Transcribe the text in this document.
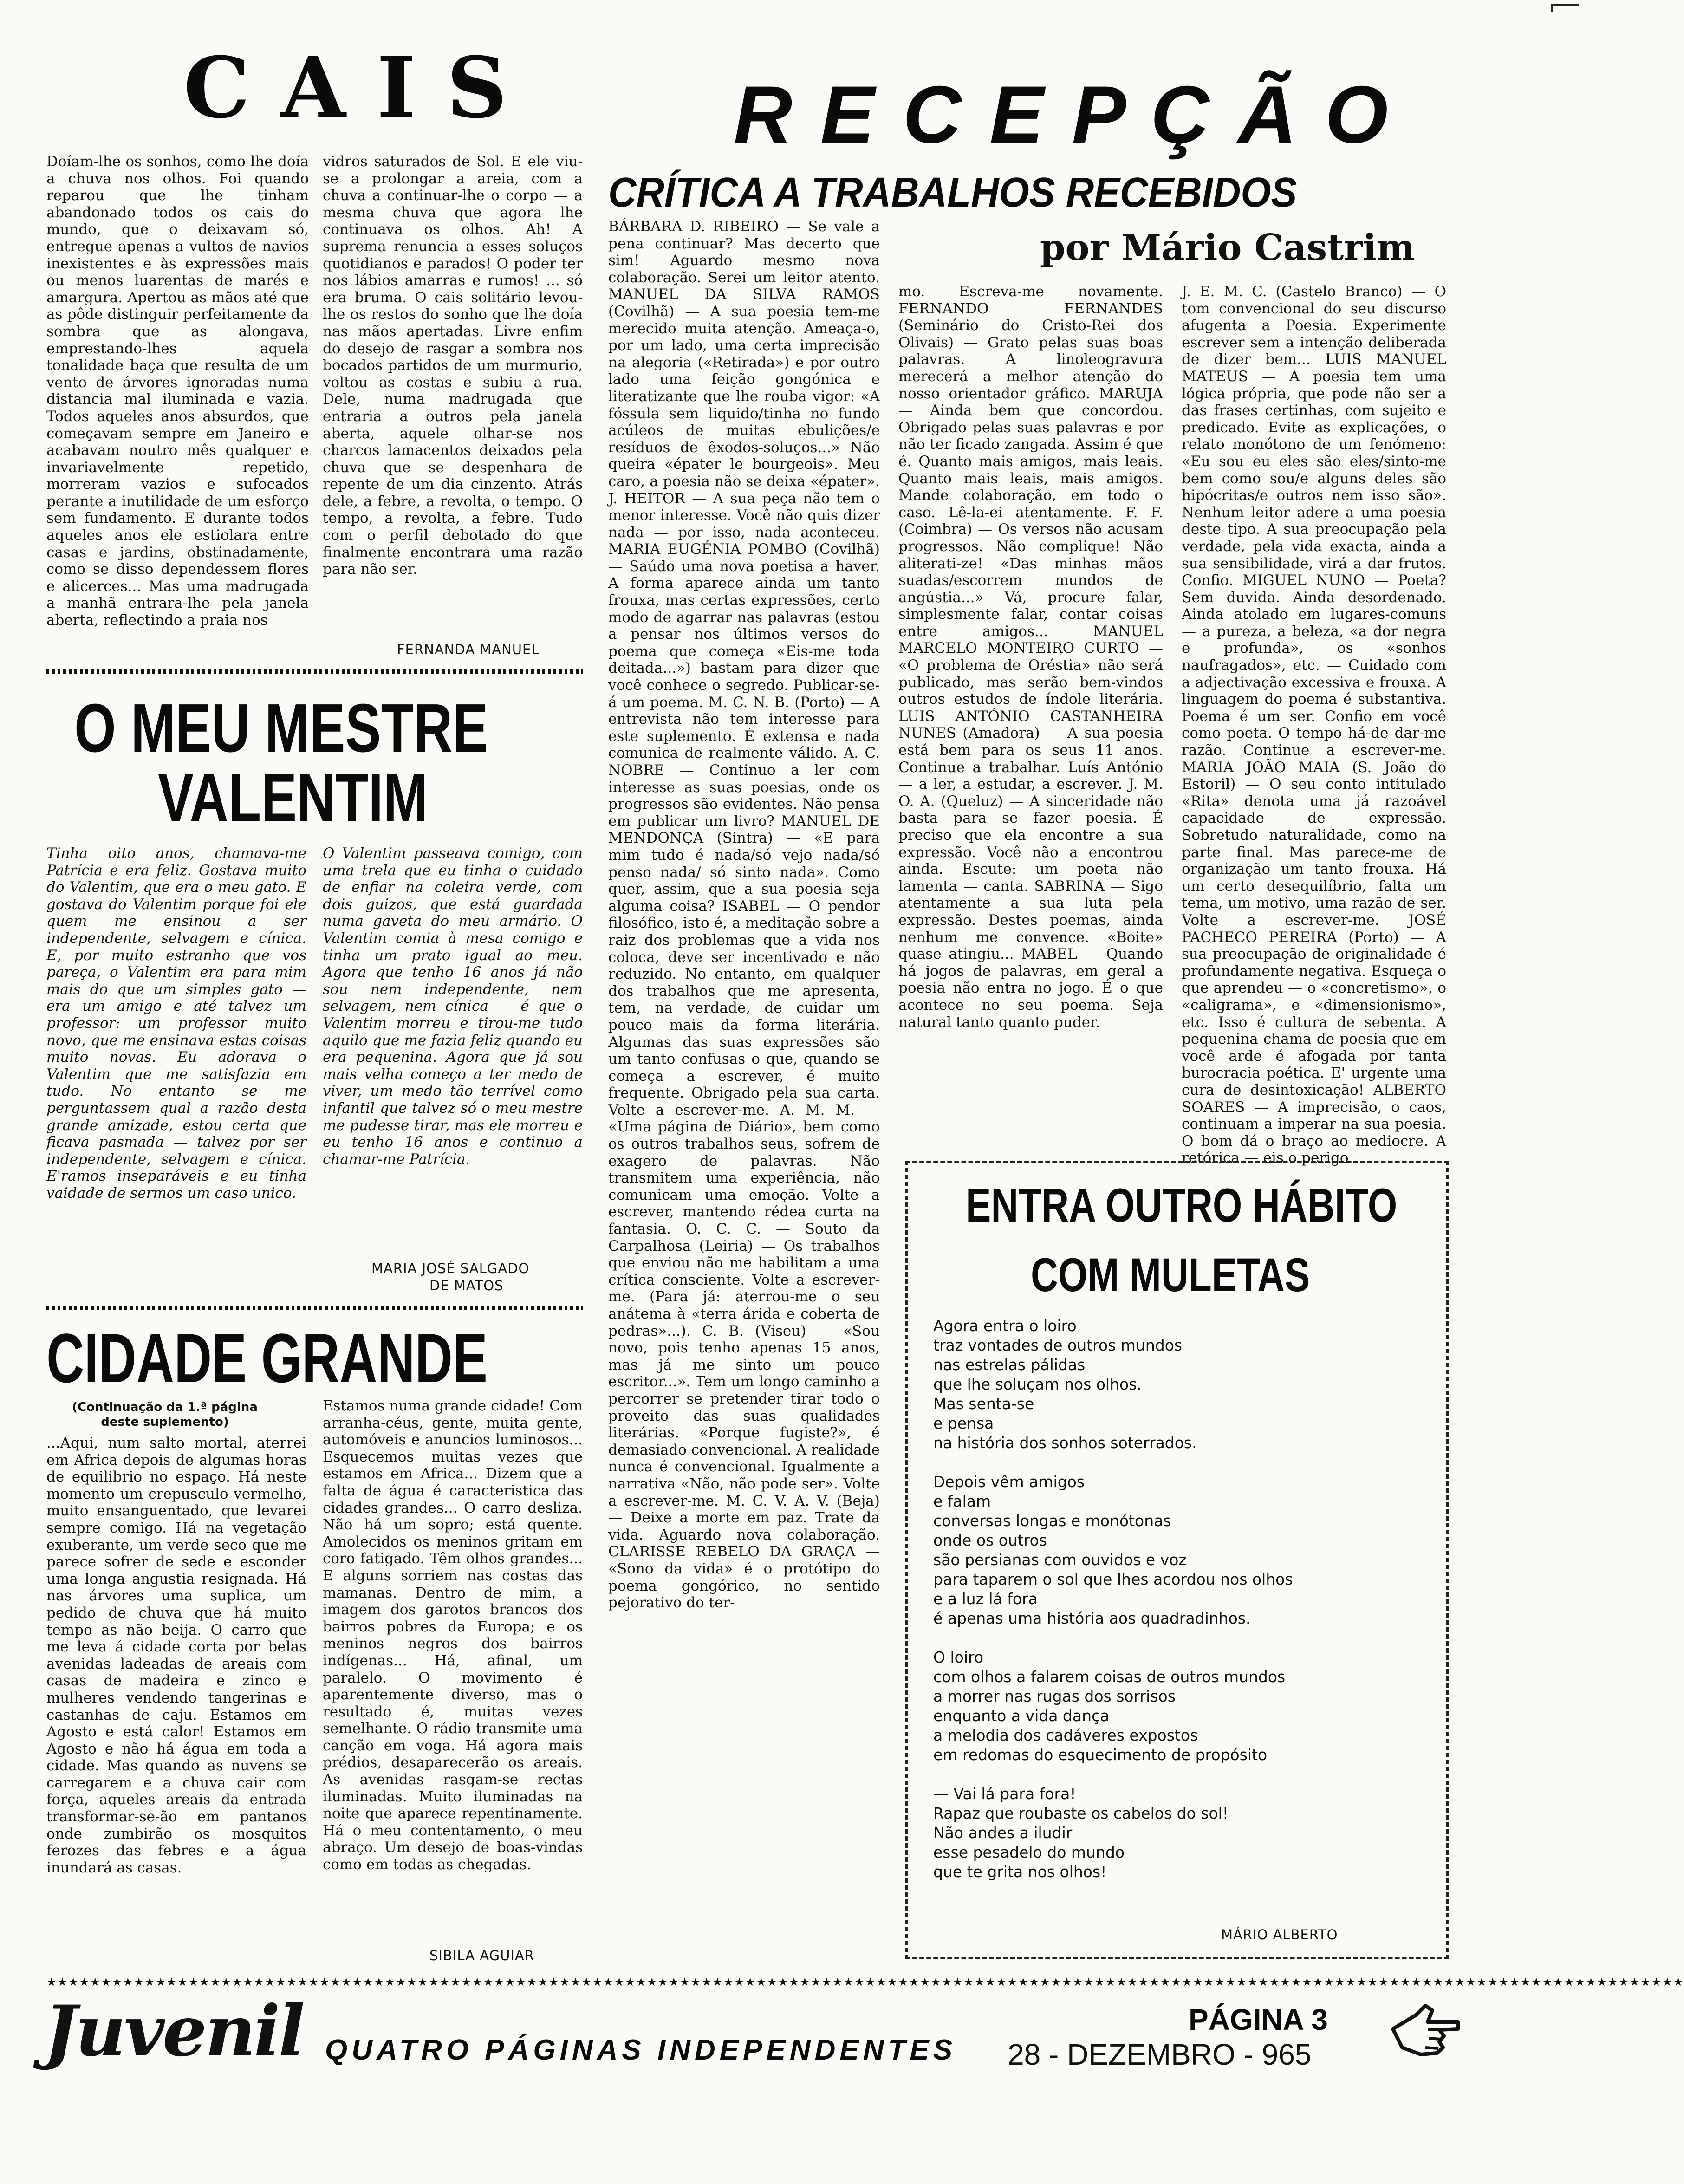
C A I S
Doíam-lhe os sonhos, como lhe doía a chuva nos olhos. Foi quando reparou que lhe tinham abandonado todos os cais do mundo, que o deixavam só, entregue apenas a vultos de navios inexistentes e às expressões mais ou menos luarentas de marés e amargura. Apertou as mãos até que as pôde distinguir perfeitamente da sombra que as alongava, emprestando-lhes aquela tonalidade baça que resulta de um vento de árvores ignoradas numa distancia mal iluminada e vazia. Todos aqueles anos absurdos, que começavam sempre em Janeiro e acabavam noutro mês qualquer e invariavelmente repetido, morreram vazios e sufocados perante a inutilidade de um esforço sem fundamento. E durante todos aqueles anos ele estiolara entre casas e jardins, obstinadamente, como se disso dependessem flores e alicerces... Mas uma madrugada a manhã entrara-lhe pela janela aberta, reflectindo a praia nos
vidros saturados de Sol. E ele viu-se a prolongar a areia, com a chuva a continuar-lhe o corpo — a mesma chuva que agora lhe continuava os olhos. Ah! A suprema renuncia a esses soluços quotidianos e parados! O poder ter nos lábios amarras e rumos! ... só era bruma. O cais solitário levou-lhe os restos do sonho que lhe doía nas mãos apertadas. Livre enfim do desejo de rasgar a sombra nos bocados partidos de um murmurio, voltou as costas e subiu a rua. Dele, numa madrugada que entraria a outros pela janela aberta, aquele olhar-se nos charcos lamacentos deixados pela chuva que se despenhara de repente de um dia cinzento. Atrás dele, a febre, a revolta, o tempo. O tempo, a revolta, a febre. Tudo com o perfil debotado do que finalmente encontrara uma razão para não ser.
FERNANDA MANUEL
O MEU MESTRE
VALENTIM
Tinha oito anos, chamava-me Patrícia e era feliz. Gostava muito do Valentim, que era o meu gato. E gostava do Valentim porque foi ele quem me ensinou a ser independente, selvagem e cínica. E, por muito estranho que vos pareça, o Valentim era para mim mais do que um simples gato — era um amigo e até talvez um professor: um professor muito novo, que me ensinava estas coisas muito novas. Eu adorava o Valentim que me satisfazia em tudo. No entanto se me perguntassem qual a razão desta grande amizade, estou certa que ficava pasmada — talvez por ser independente, selvagem e cínica. E'ramos inseparáveis e eu tinha vaidade de sermos um caso unico.
O Valentim passeava comigo, com uma trela que eu tinha o cuidado de enfiar na coleira verde, com dois guizos, que está guardada numa gaveta do meu armário. O Valentim comia à mesa comigo e tinha um prato igual ao meu. Agora que tenho 16 anos já não sou nem independente, nem selvagem, nem cínica — é que o Valentim morreu e tirou-me tudo aquilo que me fazia feliz quando eu era pequenina. Agora que já sou mais velha começo a ter medo de viver, um medo tão terrível como infantil que talvez só o meu mestre me pudesse tirar, mas ele morreu e eu tenho 16 anos e continuo a chamar-me Patrícia.
MARIA JOSÉ SALGADO
DE MATOS
CIDADE GRANDE
(Continuação da 1.ª página deste suplemento)
...Aqui, num salto mortal, aterrei em Africa depois de algumas horas de equilibrio no espaço. Há neste momento um crepusculo vermelho, muito ensanguentado, que levarei sempre comigo. Há na vegetação exuberante, um verde seco que me parece sofrer de sede e esconder uma longa angustia resignada. Há nas árvores uma suplica, um pedido de chuva que há muito tempo as não beija. O carro que me leva á cidade corta por belas avenidas ladeadas de areais com casas de madeira e zinco e mulheres vendendo tangerinas e castanhas de caju. Estamos em Agosto e está calor! Estamos em Agosto e não há água em toda a cidade. Mas quando as nuvens se carregarem e a chuva cair com força, aqueles areais da entrada transformar-se-ão em pantanos onde zumbirão os mosquitos ferozes das febres e a água inundará as casas.
Estamos numa grande cidade! Com arranha-céus, gente, muita gente, automóveis e anuncios luminosos... Esquecemos muitas vezes que estamos em Africa... Dizem que a falta de água é caracteristica das cidades grandes... O carro desliza. Não há um sopro; está quente. Amolecidos os meninos gritam em coro fatigado. Têm olhos grandes... E alguns sorriem nas costas das mamanas. Dentro de mim, a imagem dos garotos brancos dos bairros pobres da Europa; e os meninos negros dos bairros indígenas... Há, afinal, um paralelo. O movimento é aparentemente diverso, mas o resultado é, muitas vezes semelhante. O rádio transmite uma canção em voga. Há agora mais prédios, desaparecerão os areais. As avenidas rasgam-se rectas iluminadas. Muito iluminadas na noite que aparece repentinamente. Há o meu contentamento, o meu abraço. Um desejo de boas-vindas como em todas as chegadas.
SIBILA AGUIAR
R E C E P Ç Ã O
CRÍTICA A TRABALHOS RECEBIDOS
por Mário Castrim
BÁRBARA D. RIBEIRO — Se vale a pena continuar? Mas decerto que sim! Aguardo mesmo nova colaboração. Serei um leitor atento. MANUEL DA SILVA RAMOS (Covilhã) — A sua poesia tem-me merecido muita atenção. Ameaça-o, por um lado, uma certa imprecisão na alegoria («Retirada») e por outro lado uma feição gongónica e literatizante que lhe rouba vigor: «A fóssula sem liquido/tinha no fundo acúleos de muitas ebulições/e resíduos de êxodos-soluços...» Não queira «épater le bourgeois». Meu caro, a poesia não se deixa «épater». J. HEITOR — A sua peça não tem o menor interesse. Você não quis dizer nada — por isso, nada aconteceu. MARIA EUGÉNIA POMBO (Covilhã) — Saúdo uma nova poetisa a haver. A forma aparece ainda um tanto frouxa, mas certas expressões, certo modo de agarrar nas palavras (estou a pensar nos últimos versos do poema que começa «Eis-me toda deitada...») bastam para dizer que você conhece o segredo. Publicar-se-á um poema. M. C. N. B. (Porto) — A entrevista não tem interesse para este suplemento. É extensa e nada comunica de realmente válido. A. C. NOBRE — Continuo a ler com interesse as suas poesias, onde os progressos são evidentes. Não pensa em publicar um livro? MANUEL DE MENDONÇA (Sintra) — «E para mim tudo é nada/só vejo nada/só penso nada/ só sinto nada». Como quer, assim, que a sua poesia seja alguma coisa? ISABEL — O pendor filosófico, isto é, a meditação sobre a raiz dos problemas que a vida nos coloca, deve ser incentivado e não reduzido. No entanto, em qualquer dos trabalhos que me apresenta, tem, na verdade, de cuidar um pouco mais da forma literária. Algumas das suas expressões são um tanto confusas o que, quando se começa a escrever, é muito frequente. Obrigado pela sua carta. Volte a escrever-me. A. M. M. — «Uma página de Diário», bem como os outros trabalhos seus, sofrem de exagero de palavras. Não transmitem uma experiência, não comunicam uma emoção. Volte a escrever, mantendo rédea curta na fantasia. O. C. C. — Souto da Carpalhosa (Leiria) — Os trabalhos que enviou não me habilitam a uma crítica consciente. Volte a escrever-me. (Para já: aterrou-me o seu anátema à «terra árida e coberta de pedras»...). C. B. (Viseu) — «Sou novo, pois tenho apenas 15 anos, mas já me sinto um pouco escritor...». Tem um longo caminho a percorrer se pretender tirar todo o proveito das suas qualidades literárias. «Porque fugiste?», é demasiado convencional. A realidade nunca é convencional. Igualmente a narrativa «Não, não pode ser». Volte a escrever-me. M. C. V. A. V. (Beja) — Deixe a morte em paz. Trate da vida. Aguardo nova colaboração. CLARISSE REBELO DA GRAÇA — «Sono da vida» é o protótipo do poema gongórico, no sentido pejorativo do ter-
mo. Escreva-me novamente. FERNANDO FERNANDES (Seminário do Cristo-Rei dos Olivais) — Grato pelas suas boas palavras. A linoleogravura merecerá a melhor atenção do nosso orientador gráfico. MARUJA — Ainda bem que concordou. Obrigado pelas suas palavras e por não ter ficado zangada. Assim é que é. Quanto mais amigos, mais leais. Quanto mais leais, mais amigos. Mande colaboração, em todo o caso. Lê-la-ei atentamente. F. F. (Coimbra) — Os versos não acusam progressos. Não complique! Não aliterati-ze! «Das minhas mãos suadas/escorrem mundos de angústia...» Vá, procure falar, simplesmente falar, contar coisas entre amigos... MANUEL MARCELO MONTEIRO CURTO — «O problema de Oréstia» não será publicado, mas serão bem-vindos outros estudos de índole literária. LUIS ANTÓNIO CASTANHEIRA NUNES (Amadora) — A sua poesia está bem para os seus 11 anos. Continue a trabalhar. Luís António — a ler, a estudar, a escrever. J. M. O. A. (Queluz) — A sinceridade não basta para se fazer poesia. É preciso que ela encontre a sua expressão. Você não a encontrou ainda. Escute: um poeta não lamenta — canta. SABRINA — Sigo atentamente a sua luta pela expressão. Destes poemas, ainda nenhum me convence. «Boite» quase atingiu... MABEL — Quando há jogos de palavras, em geral a poesia não entra no jogo. É o que acontece no seu poema. Seja natural tanto quanto puder.
J. E. M. C. (Castelo Branco) — O tom convencional do seu discurso afugenta a Poesia. Experimente escrever sem a intenção deliberada de dizer bem... LUIS MANUEL MATEUS — A poesia tem uma lógica própria, que pode não ser a das frases certinhas, com sujeito e predicado. Evite as explicações, o relato monótono de um fenómeno: «Eu sou eu eles são eles/sinto-me bem como sou/e alguns deles são hipócritas/e outros nem isso são». Nenhum leitor adere a uma poesia deste tipo. A sua preocupação pela verdade, pela vida exacta, ainda a sua sensibilidade, virá a dar frutos. Confio. MIGUEL NUNO — Poeta? Sem duvida. Ainda desordenado. Ainda atolado em lugares-comuns — a pureza, a beleza, «a dor negra e profunda», os «sonhos naufragados», etc. — Cuidado com a adjectivação excessiva e frouxa. A linguagem do poema é substantiva. Poema é um ser. Confio em você como poeta. O tempo há-de dar-me razão. Continue a escrever-me. MARIA JOÃO MAIA (S. João do Estoril) — O seu conto intitulado «Rita» denota uma já razoável capacidade de expressão. Sobretudo naturalidade, como na parte final. Mas parece-me de organização um tanto frouxa. Há um certo desequilíbrio, falta um tema, um motivo, uma razão de ser. Volte a escrever-me. JOSÉ PACHECO PEREIRA (Porto) — A sua preocupação de originalidade é profundamente negativa. Esqueça o que aprendeu — o «concretismo», o «caligrama», e «dimensionismo», etc. Isso é cultura de sebenta. A pequenina chama de poesia que em você arde é afogada por tanta burocracia poética. E' urgente uma cura de desintoxicação! ALBERTO SOARES — A imprecisão, o caos, continuam a imperar na sua poesia. O bom dá o braço ao mediocre. A retórica — eis o perigo.
ENTRA OUTRO HÁBITO
COM MULETAS
Agora entra o loiro
traz vontades de outros mundos
nas estrelas pálidas
que lhe soluçam nos olhos.
Mas senta-se
e pensa
na história dos sonhos soterrados.
Depois vêm amigos
e falam
conversas longas e monótonas
onde os outros
são persianas com ouvidos e voz
para taparem o sol que lhes acordou nos olhos
e a luz lá fora
é apenas uma história aos quadradinhos.
O loiro
com olhos a falarem coisas de outros mundos
a morrer nas rugas dos sorrisos
enquanto a vida dança
a melodia dos cadáveres expostos
em redomas do esquecimento de propósito
— Vai lá para fora!
Rapaz que roubaste os cabelos do sol!
Não andes a iludir
esse pesadelo do mundo
que te grita nos olhos!
MÁRIO ALBERTO
★★★★★★★★★★★★★★★★★★★★★★★★★★★★★★★★★★★★★★★★★★★★★★★★★★★★★★★★★★★★★★★★★★★★★★★★★★★★★★★★★★★★★★★★★★★★★★★★★★★★★★★★★★★★★★★★★★★★★★★★★★★★★★★★★★★★★★★★★★★★★★★★★★★★★★
Juvenil QUATRO PÁGINAS INDEPENDENTES 28 - DEZEMBRO - 965
PÁGINA 3
